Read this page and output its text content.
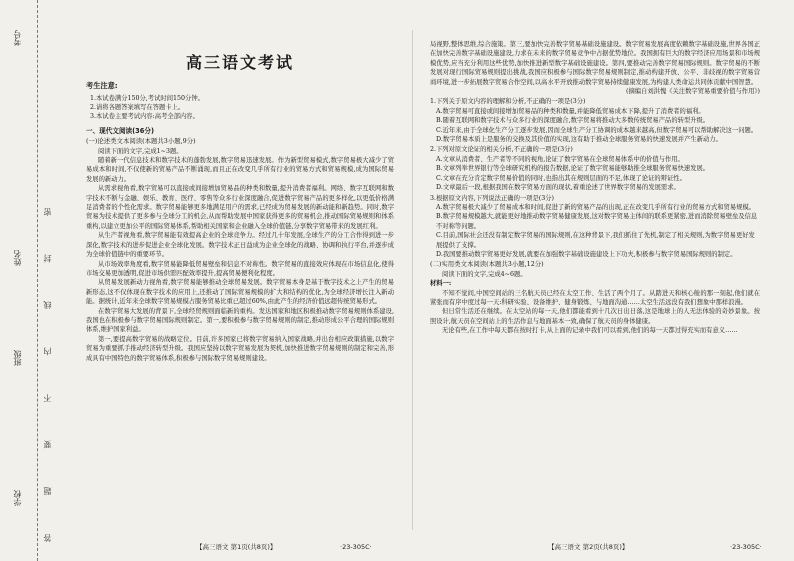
考号
姓名
班级
学校	答 题 要 不 内 线 封 密
高三语文考试
考生注意:
1.本试卷满分150分,考试时间150分钟。
2.请将各题答案填写在答题卡上。
3.本试卷主要考试内容:高考全部内容。
一、现代文阅读(36分)
(一)论述类文本阅读(本题共3小题,9分)
阅读下面的文字,完成1~3题。
随着新一代信息技术和数字技术的蓬勃发展,数字贸易迅速发展。作为新型贸易模式,数字贸易极大减少了贸易成本和时间,不仅使新的贸易产品不断涌现,而且正在改变几乎所有行业的贸易方式和贸易规模,成为国际贸易发展的新动力。
从需求视角看,数字贸易可以直接或间接增加贸易品的种类和数量,提升消费者福利。网络、数字互联网和数字技术不断与金融、娱乐、教育、医疗、零售等众多行业深度融合,促进数字贸易产品的更多样化,以更低价格满足消费者的个性化需求。数字贸易能够更多地满足用户的需求,已经成为贸易发展的新动能和新趋势。同时,数字贸易为技术提供了更多参与全球分工的机会,从而帮助发展中国家获得更多的贸易机会,推动国际贸易规则和体系重构,以建立更加公平的国际贸易体系,帮助相关国家和企业融入全球价值链,分享数字贸易带来的发展红利。
从生产者视角看,数字贸易能有效提高企业的全球竞争力。经过几十年发展,全球生产的分工合作得到进一步深化,数字技术的进步促进企业全球化发展。数字技术正日益成为企业全球化的战略、协调和执行平台,并逐步成为全球价值链中的重要环节。
从市场效率角度看,数字贸易能降低贸易壁垒和信息不对称性。数字贸易的直接效应体现在市场信息化,使得市场交易更加透明,促进市场供需匹配效率提升,提高贸易便利化程度。
从贸易发展新动力视角看,数字贸易能够推动全球贸易发展。数字贸易本身是基于数字技术之上产生的贸易新形态,这不仅体现在数字技术的应用上,还推动了国际贸易规模的扩大和结构的优化,为全球经济增长注入新动能。据统计,近年来全球数字贸易规模占服务贸易比重已超过60%,由此产生的经济价值远超传统贸易形式。
在数字贸易大发展的背景下,全球经贸规则面临新的重构。发达国家和地区积极推动数字贸易规则体系建设,我国也在积极参与数字贸易国际规则制定。第一,要积极参与数字贸易规则的制定,推动形成公平合理的国际规则体系,维护国家利益。
第一,要提高数字贸易的战略定位。目前,许多国家已将数字贸易纳入国家战略,并出台相应政策措施,以数字贸易为重要抓手推动经济转型升级。我国应坚持以数字贸易发展为契机,加快推进数字贸易规则的制定和完善,形成具有中国特色的数字贸易体系,积极参与国际数字贸易规则建设。
局视野,整体思维,综合施策。第三,要加快完善数字贸易基础设施建设。数字贸易发展高度依赖数字基础设施,世界各国正在加快完善数字基础设施建设,力求在未来的数字贸易竞争中占据优势地位。我国拥有巨大的数字经济应用场景和市场规模优势,应当充分利用这些优势,加快推进新型数字基础设施建设。第四,要推动完善数字贸易国际规则。数字贸易的不断发展对现行国际贸易规则提出挑战,我国应积极参与国际数字贸易规则制定,推动构建开放、公平、非歧视的数字贸易营商环境,进一步拓展数字贸易合作空间,以高水平开放推动数字贸易持续健康发展,为构建人类命运共同体贡献中国智慧。
(摘编自刘洪愧《关注数字贸易重要价值与作用》)
1.下列关于原文内容的理解和分析,不正确的一项是(3分)
A.数字贸易可直接或间接增加贸易品的种类和数量,并能降低贸易成本下降,提升了消费者的福利。
B.随着互联网和数字技术与众多行业的深度融合,数字贸易将推动大多数传统贸易产品的转型升级。
C.近年来,由于全球化生产分工逐步发展,因而全球生产分工协调的成本越来越高,但数字贸易可以帮助解决这一问题。
D.数字贸易本质上是服务的交换及其价值的实现,这有助于推动全球服务贸易的快速发展并产生新动力。
2.下列对原文论证的相关分析,不正确的一项是(3分)
A.文章从消费者、生产者等不同的视角,论证了数字贸易在全球贸易体系中的价值与作用。
B.文章列举世界银行等全球研究机构的报告数据,论证了数字贸易能够助推全球服务贸易快速发展。
C.文章在充分肯定数字贸易价值的同时,也指出其在规则层面的不足,体现了论证的辩证性。
D.文章最后一段,根据我国在数字贸易方面的现状,着重论述了世界数字贸易的发展需求。
3.根据原文内容,下列说法正确的一项是(3分)
A.数字贸易极大减少了贸易成本和时间,促进了新的贸易产品的出现,正在改变几乎所有行业的贸易方式和贸易规模。
B.数字贸易规模越大,就能更好地推动数字贸易健康发展,这对数字贸易主体间的联系更紧密,进而消除贸易壁垒及信息不对称等问题。
C.目前,国际社会还没有制定数字贸易的国际规则,在这种背景下,我们抓住了先机,制定了相关规则,为数字贸易更好发展提供了支撑。
D.我国要推动数字贸易更好发展,就要在加强数字基础设施建设上下功夫,积极参与数字贸易国际规则的制定。
(二)实用类文本阅读(本题共3小题,12分)
阅读下面的文字,完成4~6题。
材料一:
不知不觉间,中国空间站的三名航天员已经在太空工作、生活了两个月了。从踏进天和核心舱的那一刻起,他们就在紧张而有序中度过每一天:科研实验、设备维护、健身锻炼、与地面沟通……太空生活远没有我们想象中那样浪漫。
但日常生活还在继续。在太空站的每一天,他们都能看到十几次日出日落,这是地球上的人无法体验的奇妙景象。按照设计,航天员在空间站上的生活作息与地面基本一致,确保了航天员的身体健康。
无论有些,在工作中每天都在按时打卡,从上面的记录中我们可以看到,他们的每一天都过得充实而有意义……
【高三语文 第1页(共8页)】	·23-305C·	【高三语文 第2页(共8页)】	·23-305C·
